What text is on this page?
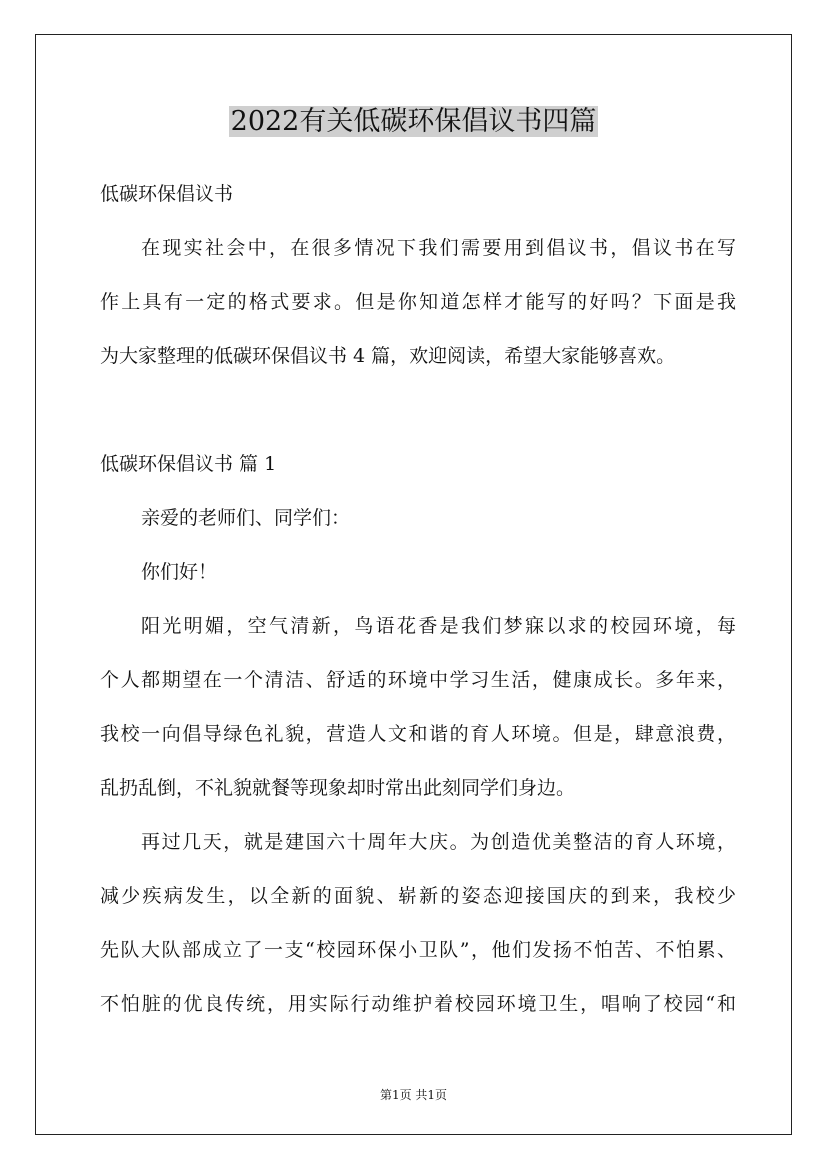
2022有关低碳环保倡议书四篇
低碳环保倡议书
在现实社会中，在很多情况下我们需要用到倡议书，倡议书在写
作上具有一定的格式要求。但是你知道怎样才能写的好吗？下面是我
为大家整理的低碳环保倡议书 4 篇，欢迎阅读，希望大家能够喜欢。
低碳环保倡议书 篇 1
亲爱的老师们、同学们：
你们好！
阳光明媚，空气清新，鸟语花香是我们梦寐以求的校园环境，每
个人都期望在一个清洁、舒适的环境中学习生活，健康成长。多年来，
我校一向倡导绿色礼貌，营造人文和谐的育人环境。但是，肆意浪费，
乱扔乱倒，不礼貌就餐等现象却时常出此刻同学们身边。
再过几天，就是建国六十周年大庆。为创造优美整洁的育人环境，
减少疾病发生，以全新的面貌、崭新的姿态迎接国庆的到来，我校少
先队大队部成立了一支“校园环保小卫队”，他们发扬不怕苦、不怕累、
不怕脏的优良传统，用实际行动维护着校园环境卫生，唱响了校园“和
第1页 共1页
